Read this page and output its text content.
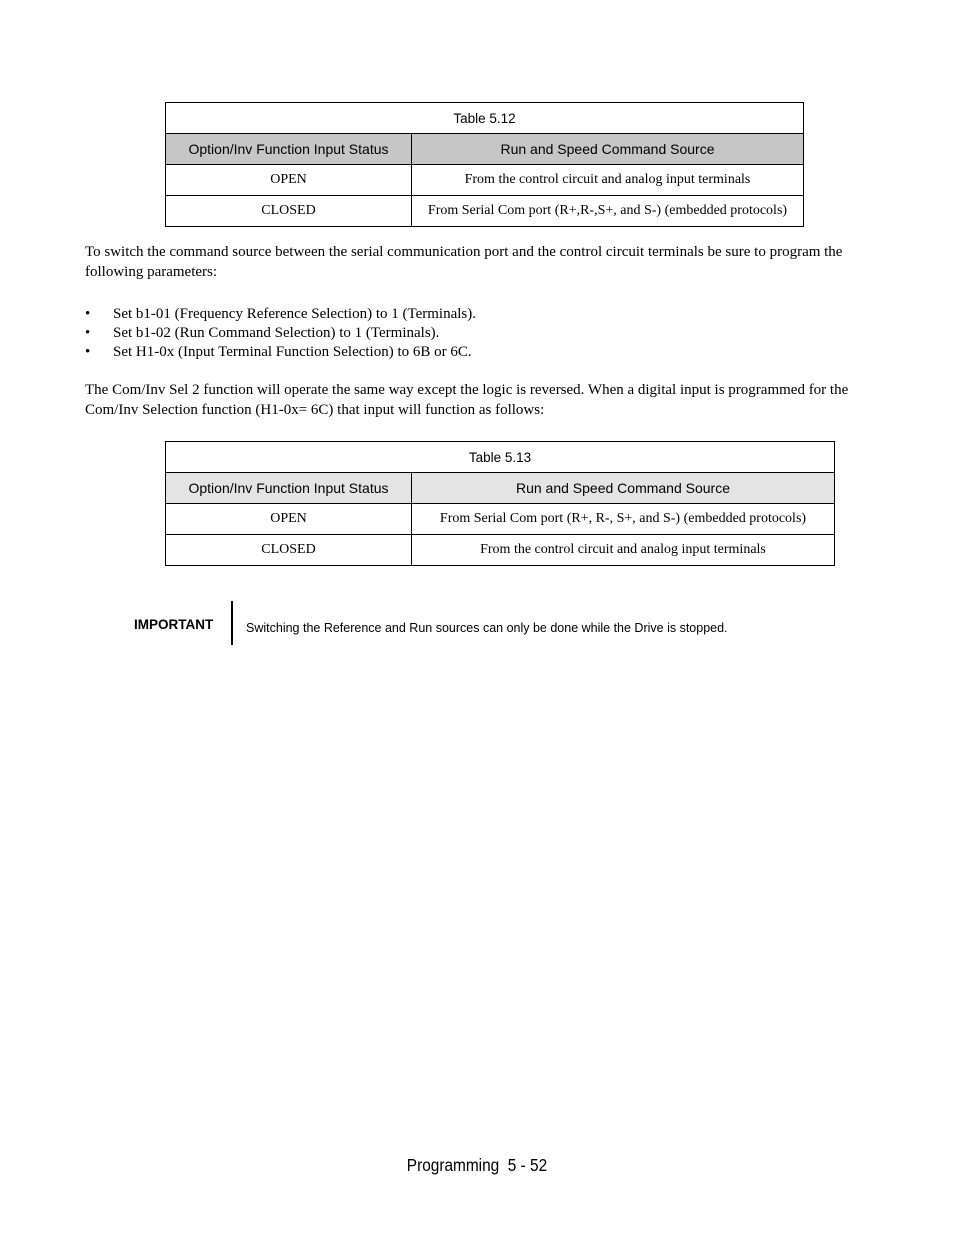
Table 5.12	
Option/Inv Function Input Status	Run and Speed Command Source
OPEN	From the control circuit and analog input terminals
CLOSED	From Serial Com port (R+,R-,S+, and S-) (embedded protocols)

To switch the command source between the serial communication port and the control circuit terminals be sure to program the following parameters:

• Set b1-01 (Frequency Reference Selection) to 1 (Terminals).
• Set b1-02 (Run Command Selection) to 1 (Terminals).
• Set H1-0x (Input Terminal Function Selection) to 6B or 6C.

The Com/Inv Sel 2 function will operate the same way except the logic is reversed. When a digital input is programmed for the Com/Inv Selection function (H1-0x= 6C) that input will function as follows:

Table 5.13	
Option/Inv Function Input Status	Run and Speed Command Source
OPEN	From Serial Com port (R+, R-, S+, and S-) (embedded protocols)
CLOSED	From the control circuit and analog input terminals
IMPORTANT	Switching the Reference and Run sources can only be done while the Drive is stopped.
Programming  5 - 52
